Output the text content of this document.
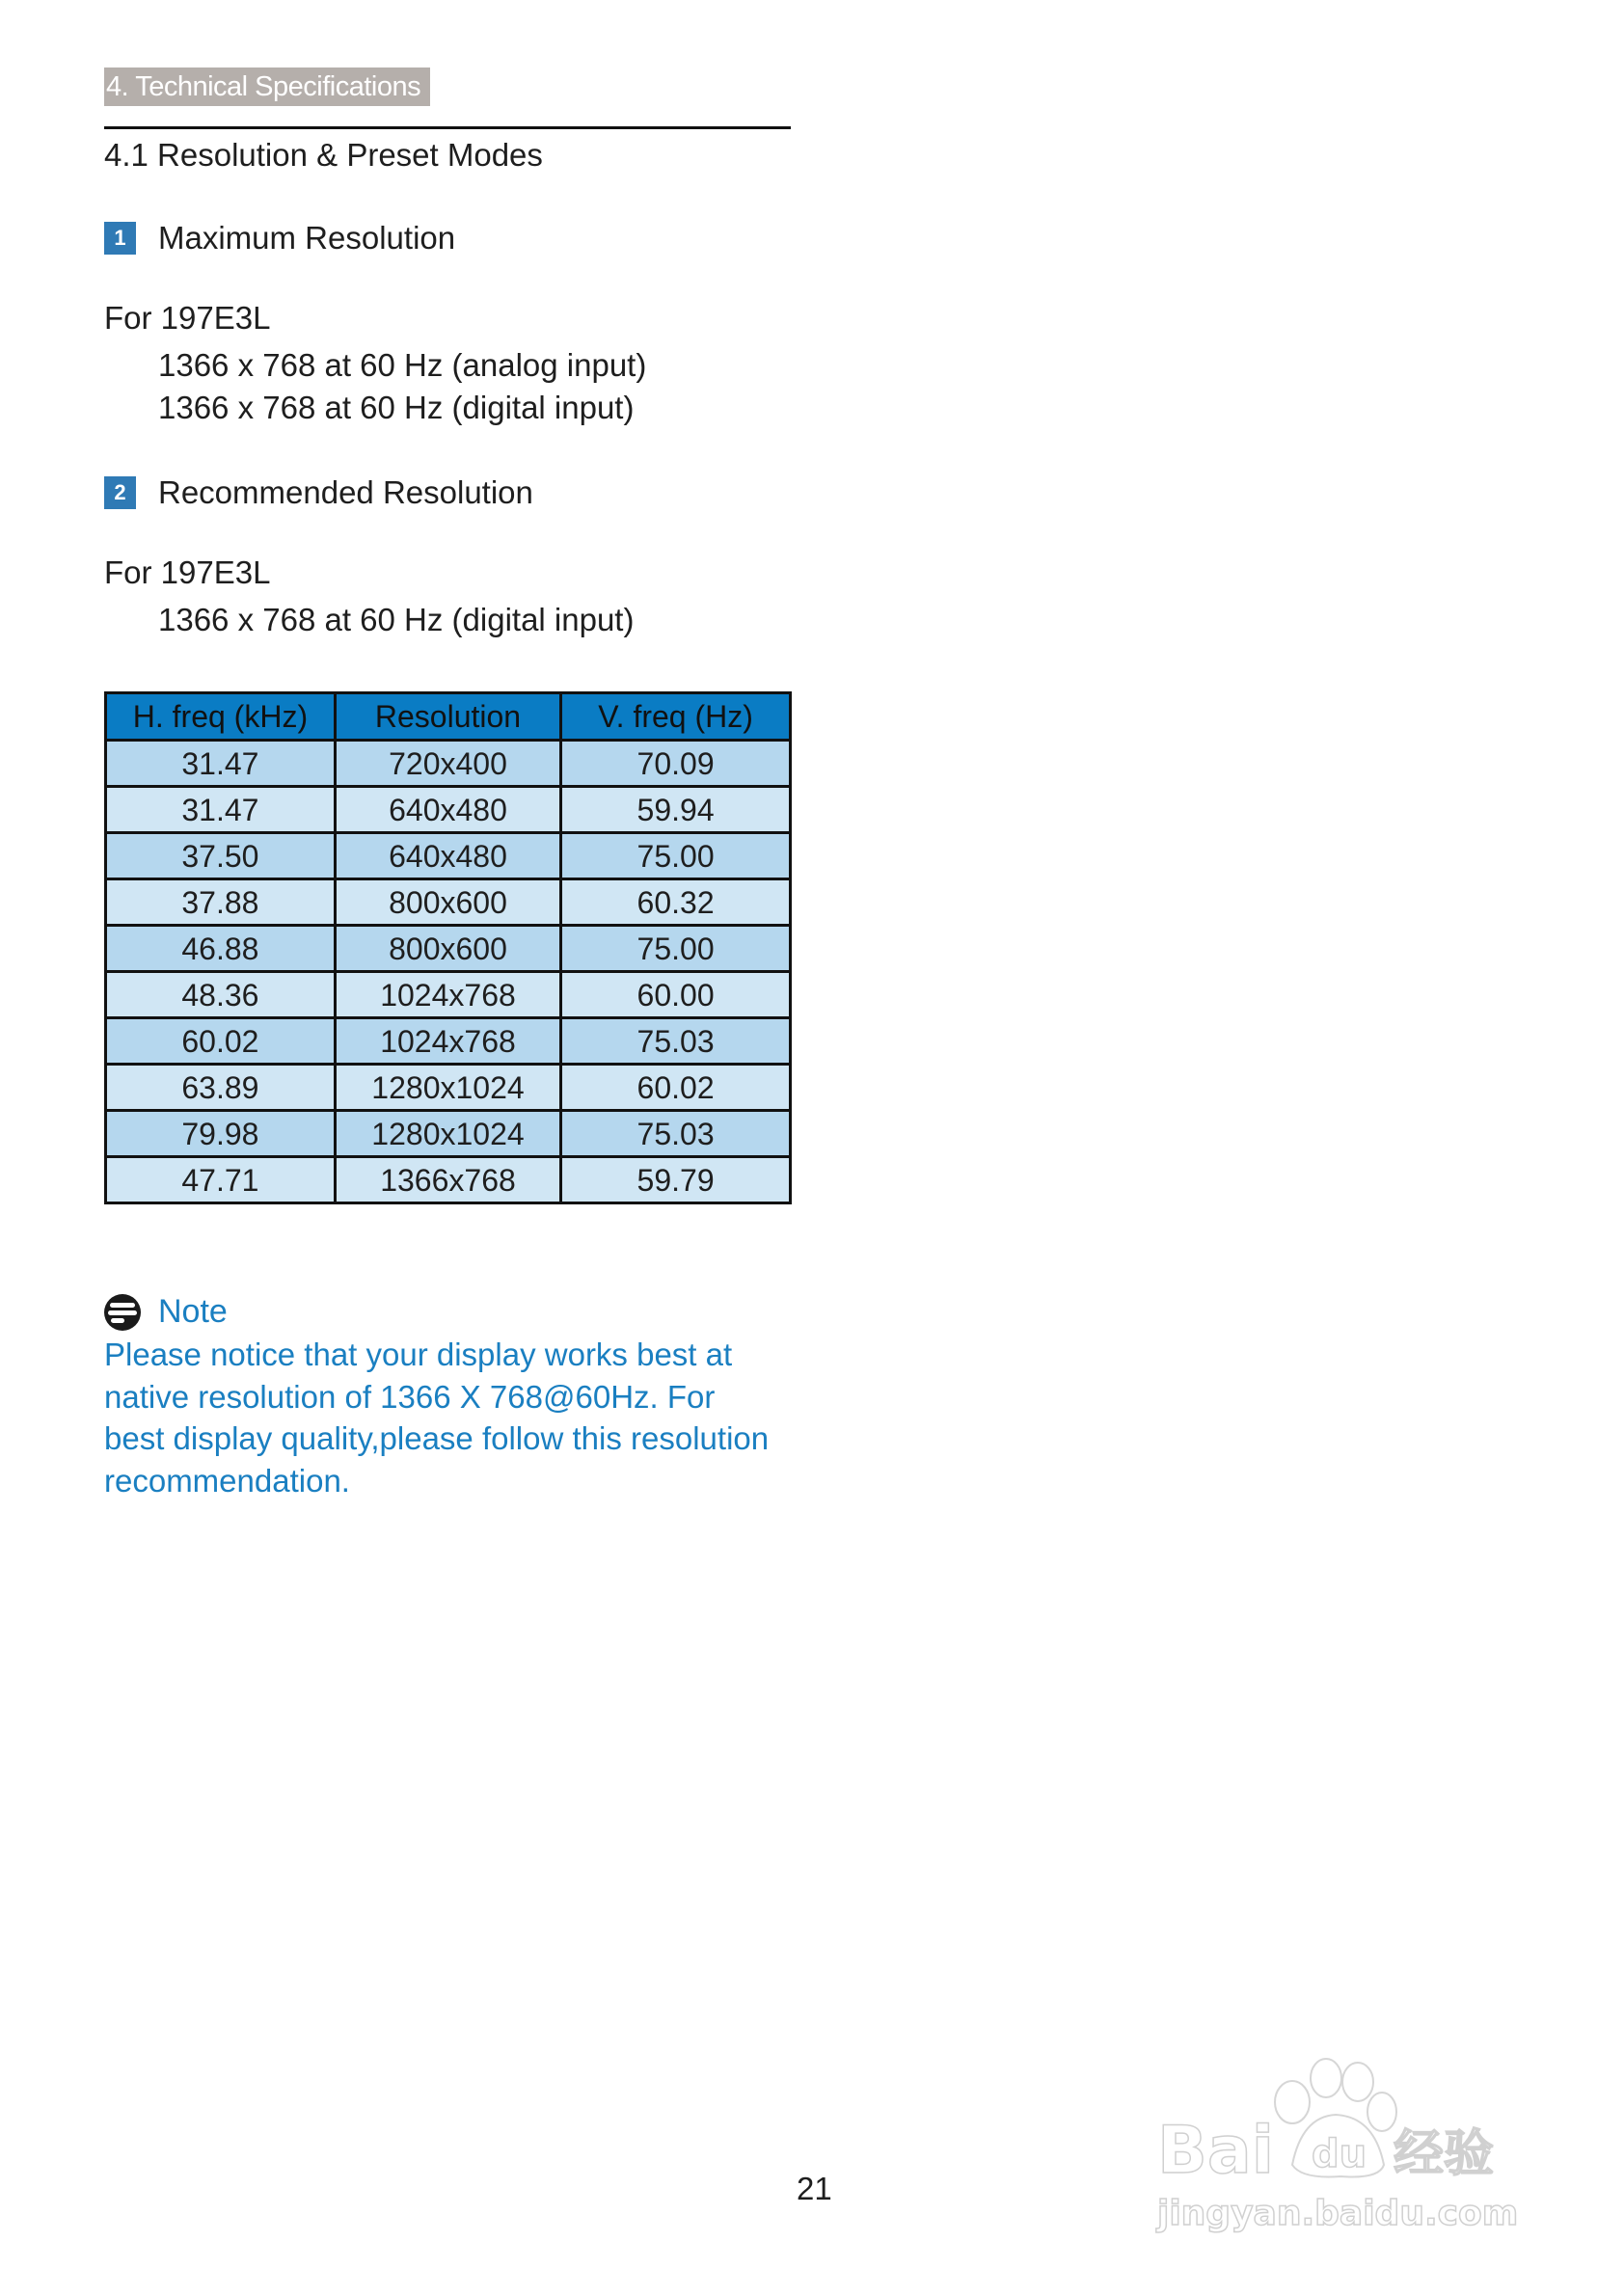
4. Technical Specifications
4.1 Resolution & Preset Modes
1	Maximum Resolution
For 197E3L
1366 x 768 at 60 Hz (analog input)
1366 x 768 at 60 Hz (digital input)
2	Recommended Resolution
For 197E3L
1366 x 768 at 60 Hz (digital input)
H. freq (kHz)	Resolution	V. freq (Hz)
31.47	720x400	70.09
31.47	640x480	59.94
37.50	640x480	75.00
37.88	800x600	60.32
46.88	800x600	75.00
48.36	1024x768	60.00
60.02	1024x768	75.03
63.89	1280x1024	60.02
79.98	1280x1024	75.03
47.71	1366x768	59.79
Note
Please notice that your display works best at
native resolution of 1366 X 768@60Hz. For
best display quality,please follow this resolution
recommendation.
21	Bai du 经验
jingyan.baidu.com
